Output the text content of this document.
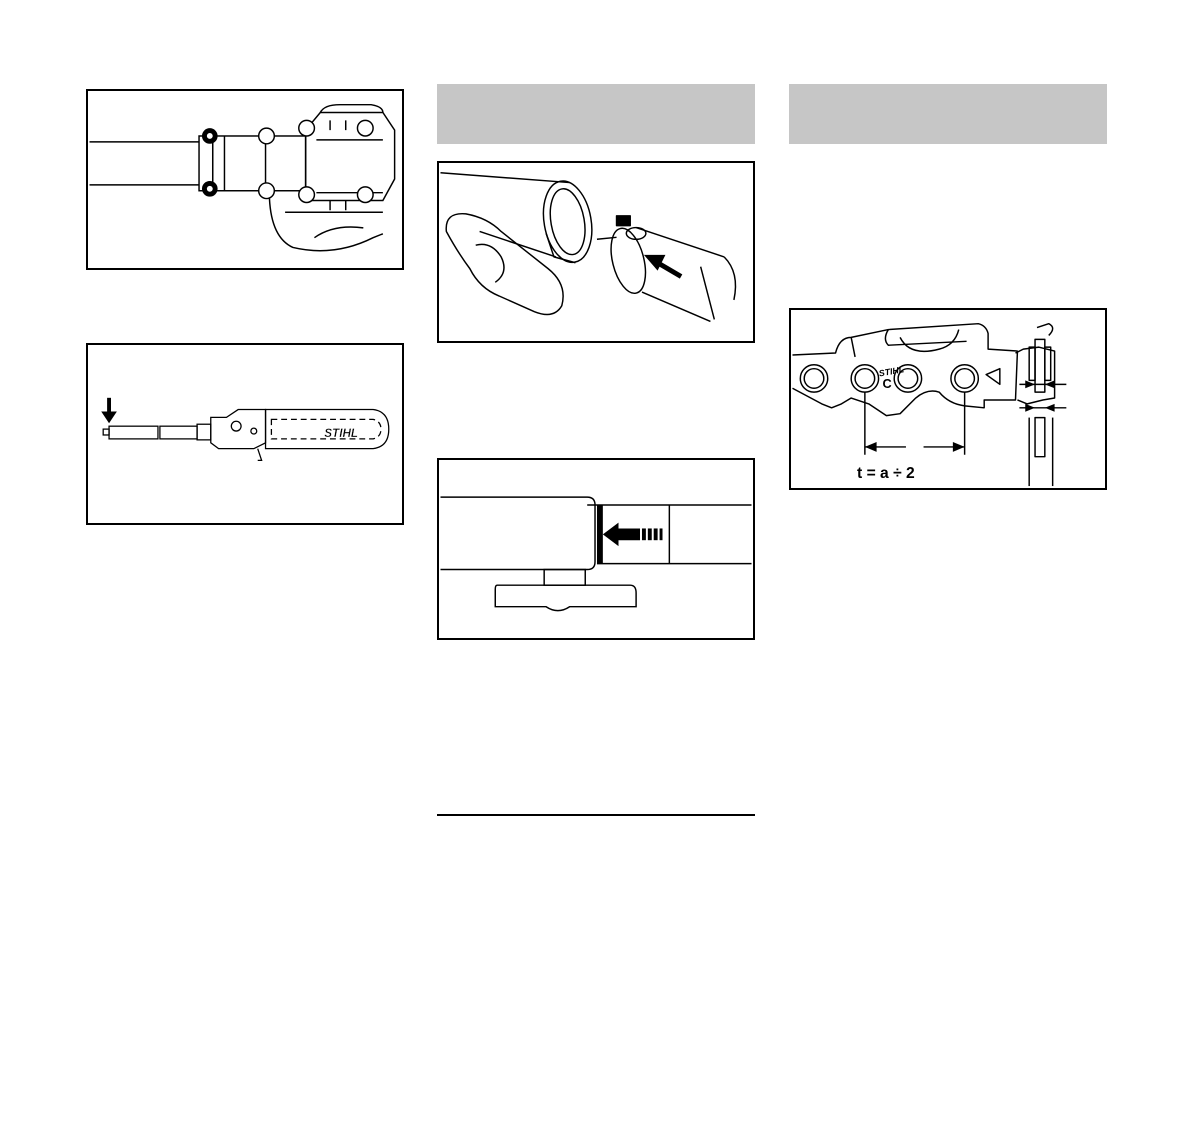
STIHL
STIHL
C
t = a ÷ 2
